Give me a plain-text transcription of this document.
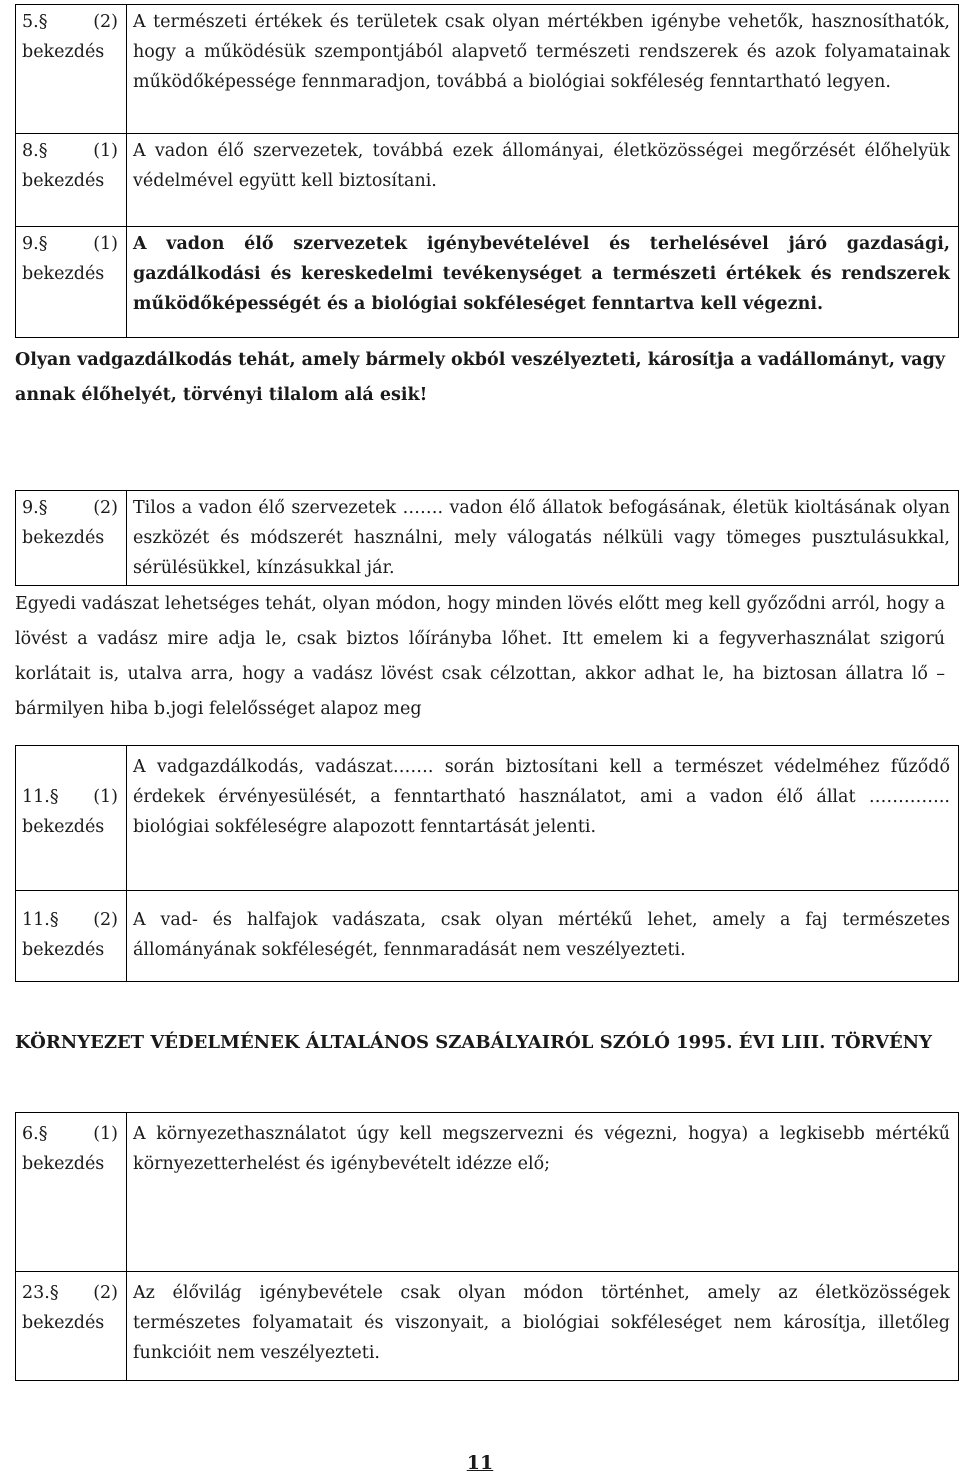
5.§ (2) bekezdés	A természeti értékek és területek csak olyan mértékben igénybe vehetők, hasznosíthatók, hogy a működésük szempontjából alapvető természeti rendszerek és azok folyamatainak működőképessége fennmaradjon, továbbá a biológiai sokféleség fenntartható legyen.
8.§ (1) bekezdés	A vadon élő szervezetek, továbbá ezek állományai, életközösségei megőrzését élőhelyük védelmével együtt kell biztosítani.
9.§ (1) bekezdés	A vadon élő szervezetek igénybevételével és terhelésével járó gazdasági, gazdálkodási és kereskedelmi tevékenységet a természeti értékek és rendszerek működőképességét és a biológiai sokféleséget fenntartva kell végezni.
Olyan vadgazdálkodás tehát, amely bármely okból veszélyezteti, károsítja a vadállományt, vagy annak élőhelyét, törvényi tilalom alá esik!
9.§ (2) bekezdés	Tilos a vadon élő szervezetek ……. vadon élő állatok befogásának, életük kioltásának olyan eszközét és módszerét használni, mely válogatás nélküli vagy tömeges pusztulásukkal, sérülésükkel, kínzásukkal jár.
Egyedi vadászat lehetséges tehát, olyan módon, hogy minden lövés előtt meg kell győződni arról, hogy a lövést a vadász mire adja le, csak biztos lőírányba lőhet. Itt emelem ki a fegyverhasználat szigorú korlátait is, utalva arra, hogy a vadász lövést csak célzottan, akkor adhat le, ha biztosan állatra lő – bármilyen hiba b.jogi felelősséget alapoz meg
11.§ (1) bekezdés	A vadgazdálkodás, vadászat……. során biztosítani kell a természet védelméhez fűződő érdekek érvényesülését, a fenntartható használatot, ami a vadon élő állat ………….. biológiai sokféleségre alapozott fenntartását jelenti.
11.§ (2) bekezdés	A vad- és halfajok vadászata, csak olyan mértékű lehet, amely a faj természetes állományának sokféleségét, fennmaradását nem veszélyezteti.
KÖRNYEZET VÉDELMÉNEK ÁLTALÁNOS SZABÁLYAIRÓL SZÓLÓ 1995. ÉVI LIII. TÖRVÉNY
6.§ (1) bekezdés	A környezethasználatot úgy kell megszervezni és végezni, hogya) a legkisebb mértékű környezetterhelést és igénybevételt idézze elő;
23.§ (2) bekezdés	Az élővilág igénybevétele csak olyan módon történhet, amely az életközösségek természetes folyamatait és viszonyait, a biológiai sokféleséget nem károsítja, illetőleg funkcióit nem veszélyezteti.
11
